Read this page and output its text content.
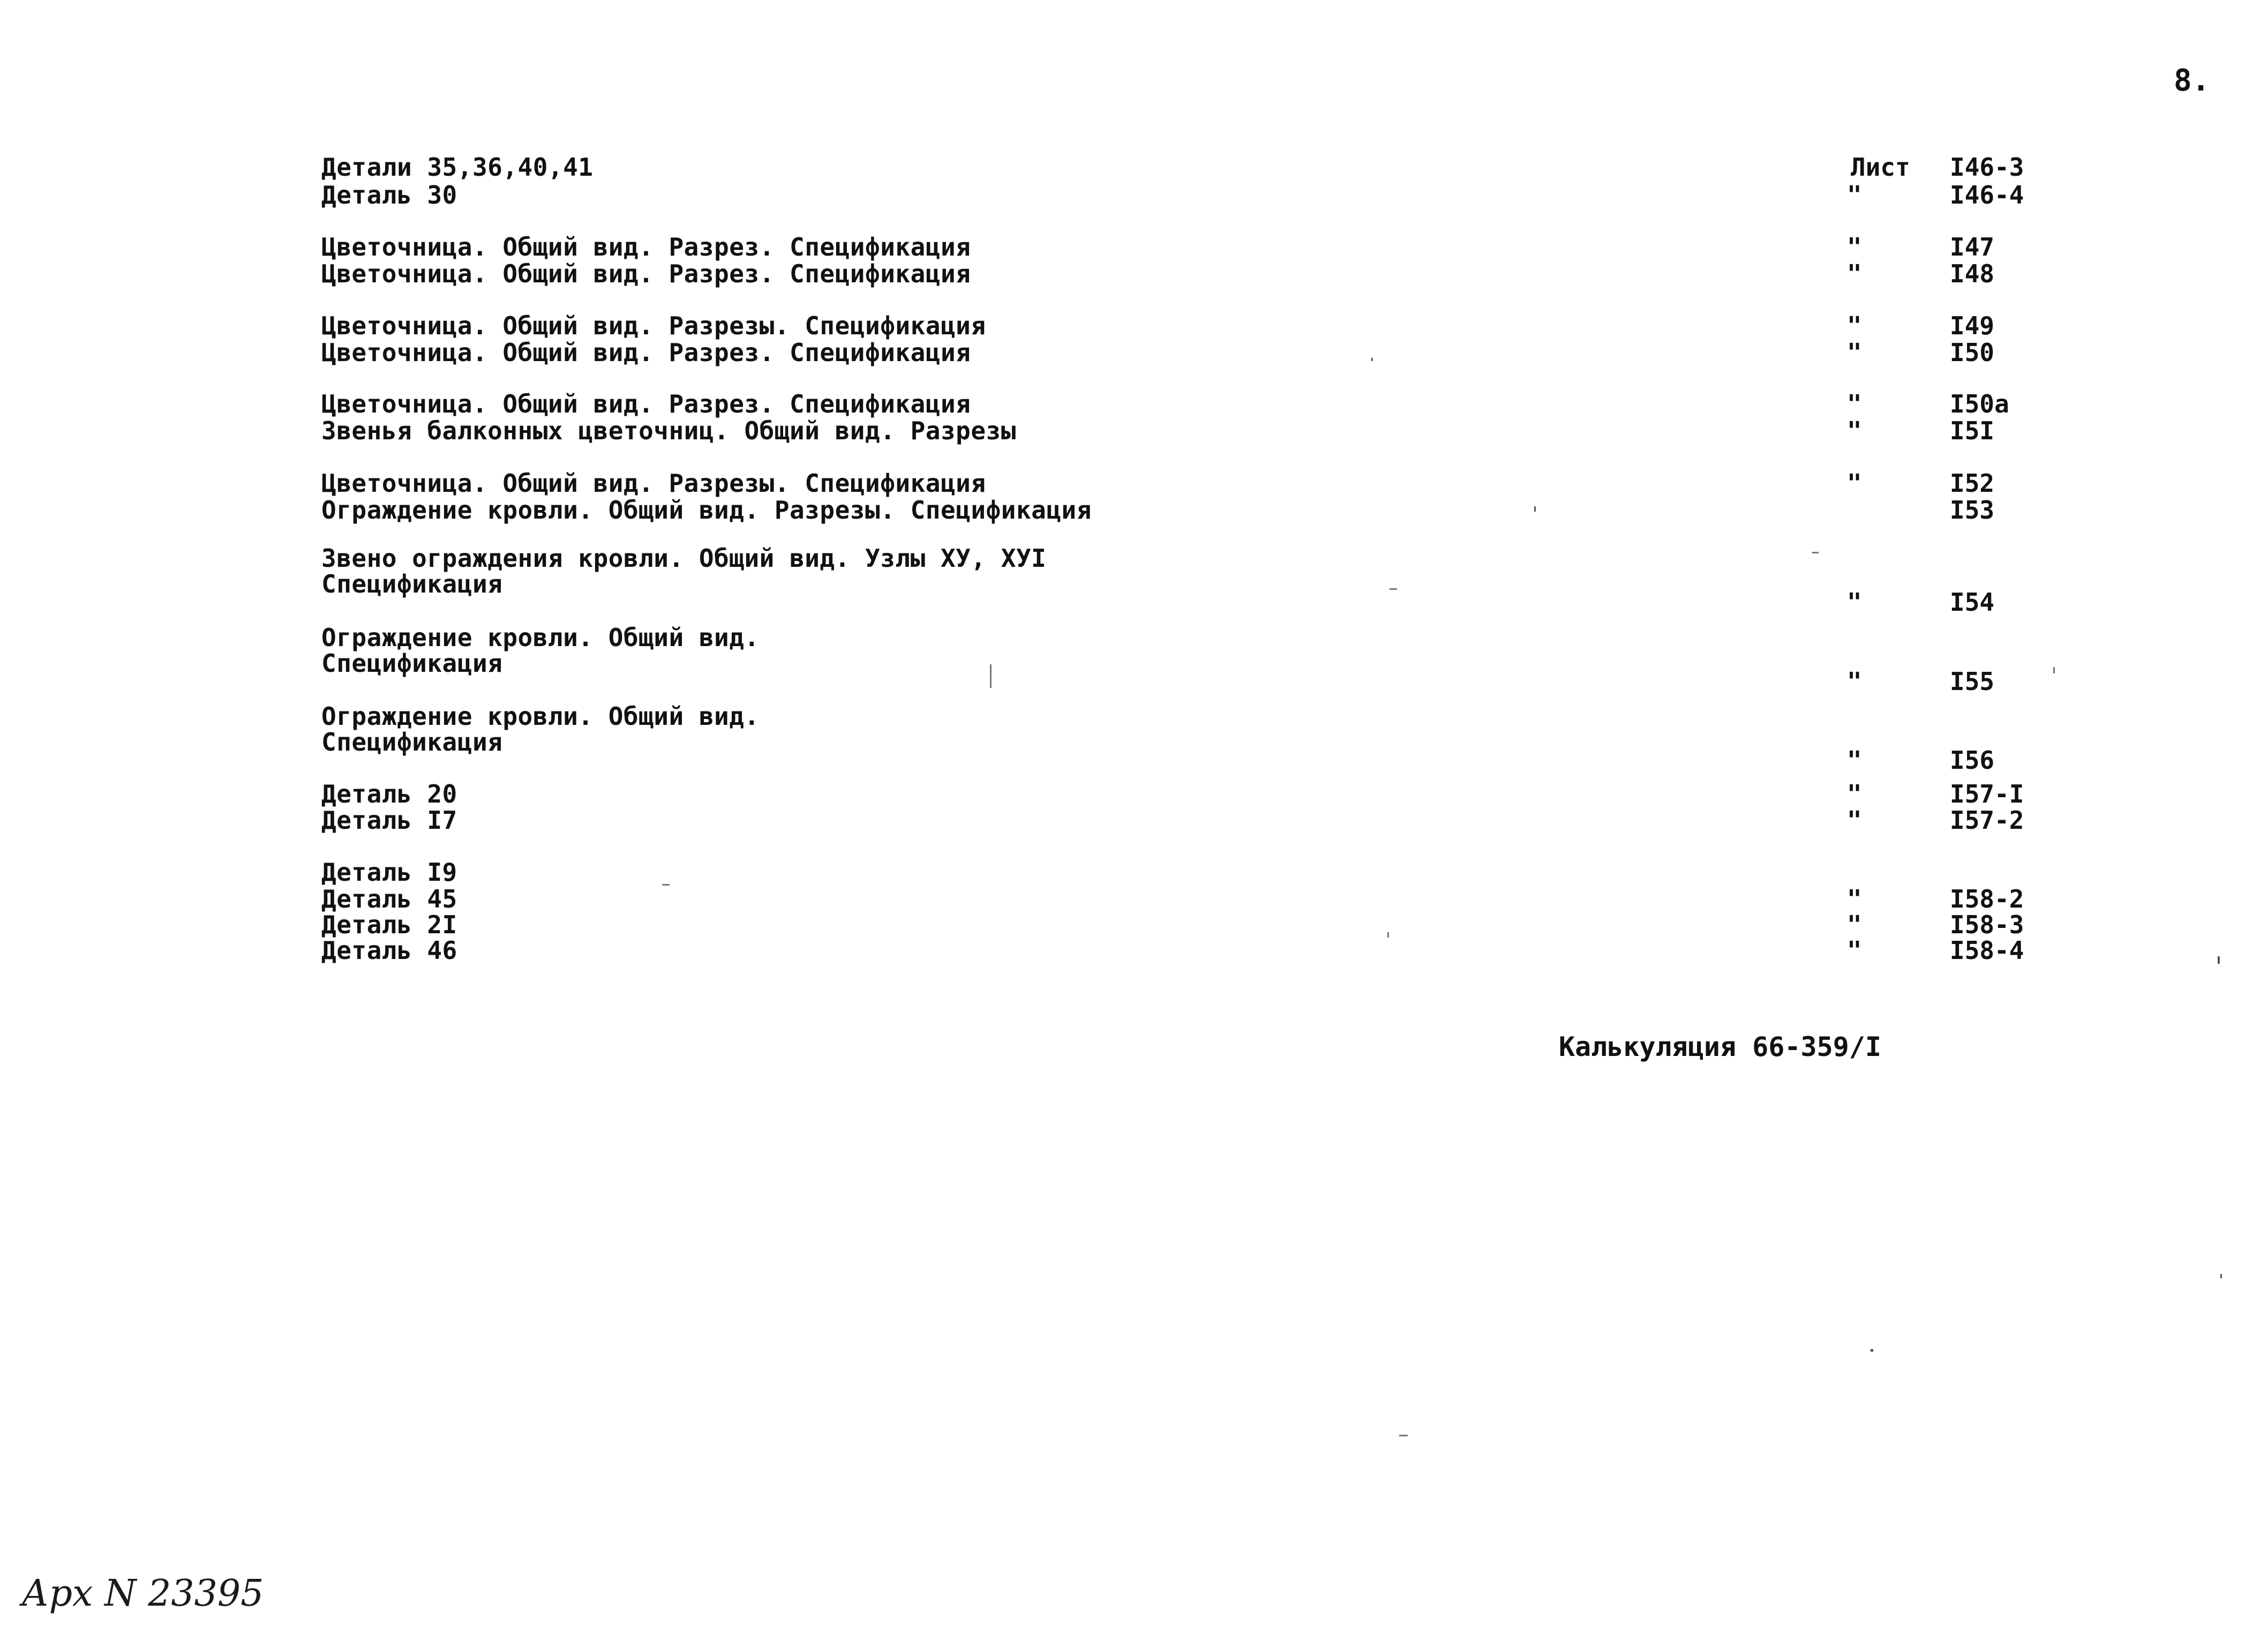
8.
Детали 35,36,40,41	Лист I46-3
Деталь 30	"	I46-4
Цветочница. Общий вид. Разрез. Спецификация	"	I47
Цветочница. Общий вид. Разрез. Спецификация	"	I48
Цветочница. Общий вид. Разрезы. Спецификация	"	I49
Цветочница. Общий вид. Разрез. Спецификация	"	I50
Цветочница. Общий вид. Разрез. Спецификация	"	I50а
Звенья балконных цветочниц. Общий вид. Разрезы	"	I5I
Цветочница. Общий вид. Разрезы. Спецификация	"	I52
Ограждение кровли. Общий вид. Разрезы. Спецификация	I53
Звено ограждения кровли. Общий вид. Узлы ХУ, ХУI
Спецификация
"	I54
Ограждение кровли. Общий вид.
Спецификация
"	I55
Ограждение кровли. Общий вид.
Спецификация
"	I56
Деталь 20	"	I57-I
Деталь I7	"	I57-2
Деталь I9
Деталь 45	"	I58-2
Деталь 2I	"	I58-3
Деталь 46	"	I58-4
Калькуляция 66-359/I
Арх N 23395
